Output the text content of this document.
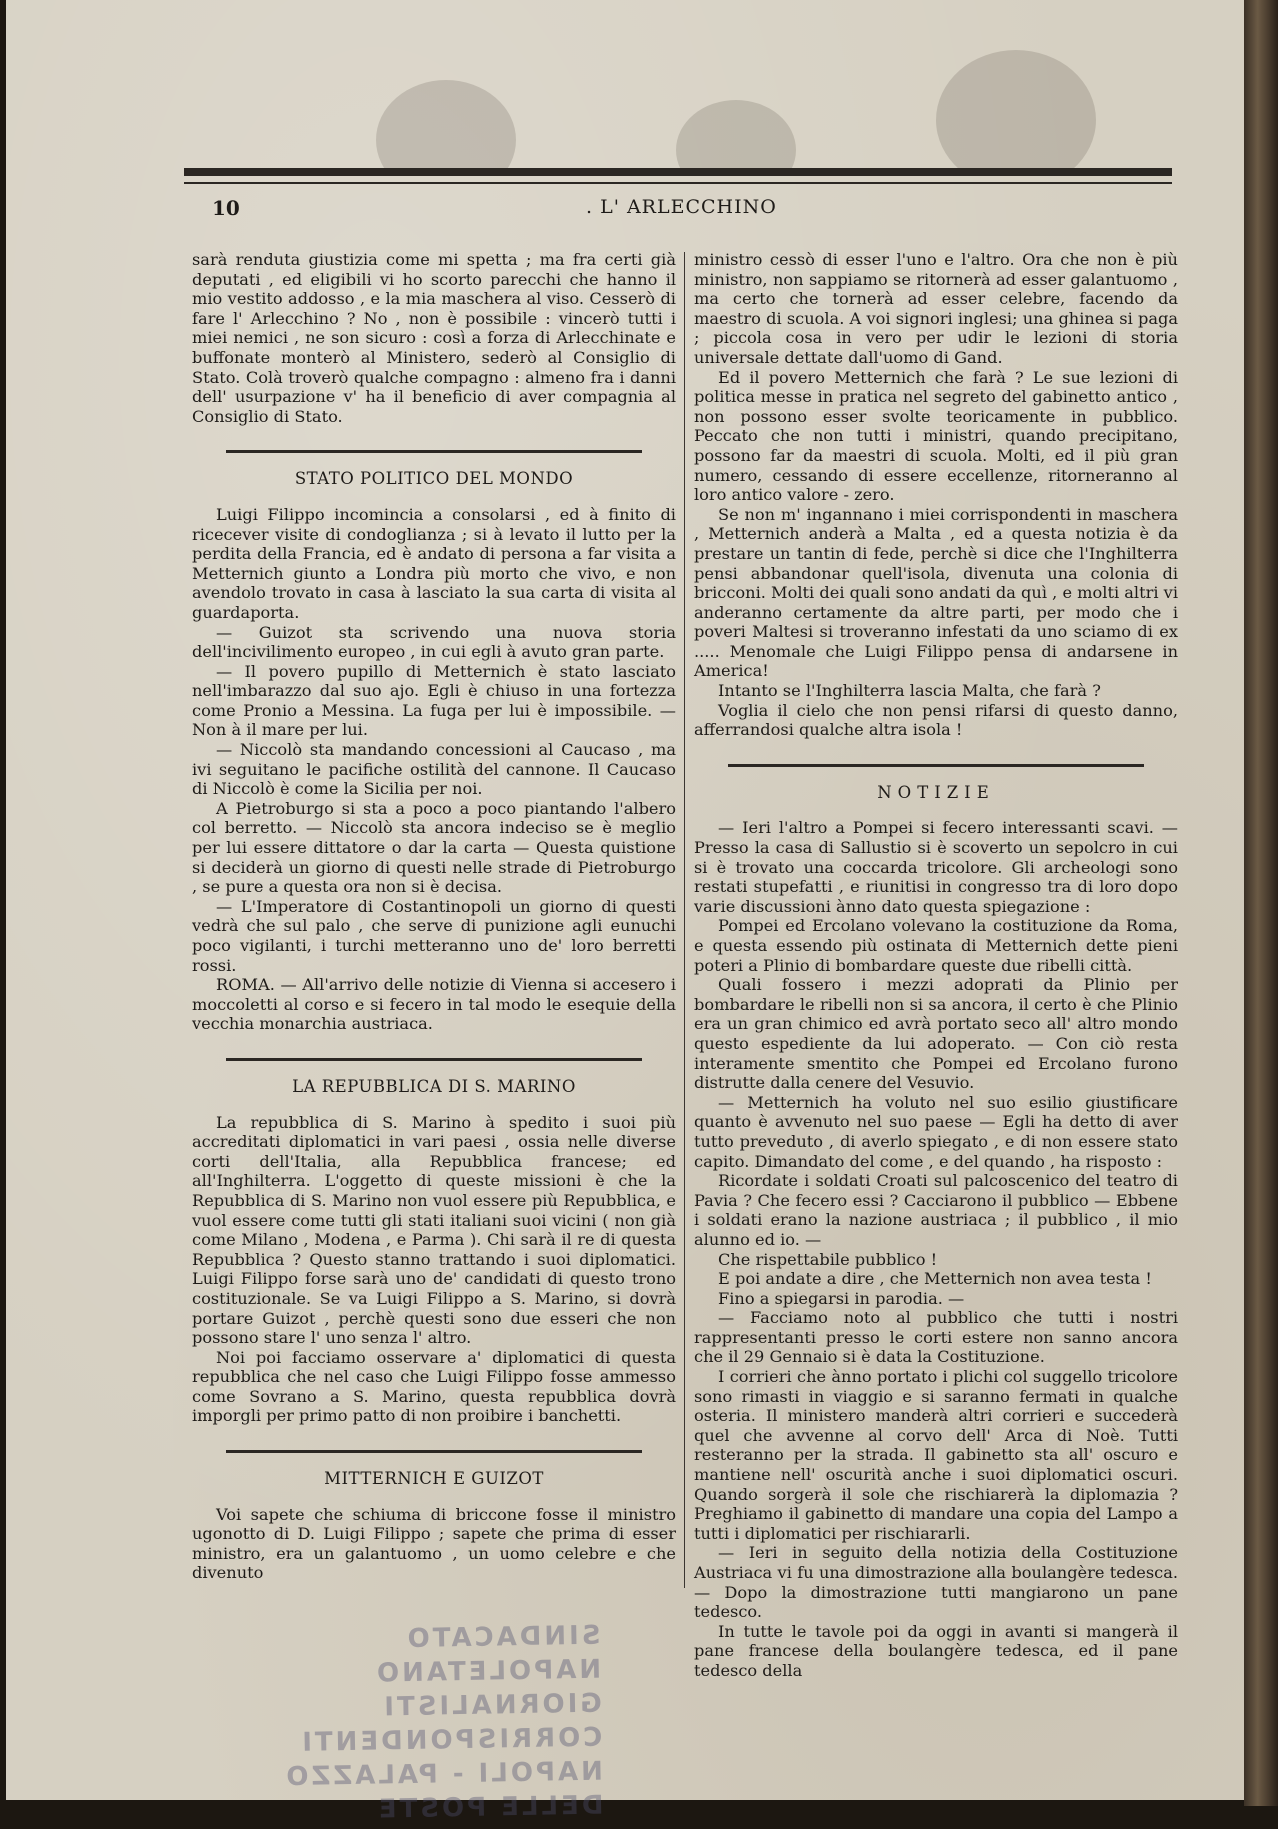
10	. L' ARLECCHINO

sarà renduta giustizia come mi spetta ; ma fra certi già deputati , ed eligibili vi ho scorto parecchi che hanno il mio vestito addosso , e la mia maschera al viso. Cesserò di fare l' Arlecchino ? No , non è possibile : vincerò tutti i miei nemici , ne son sicuro : così a forza di Arlecchinate e buffonate monterò al Ministero, sederò al Consiglio di Stato. Colà troverò qualche compagno : almeno fra i danni dell' usurpazione v' ha il beneficio di aver compagnia al Consiglio di Stato.

STATO POLITICO DEL MONDO

Luigi Filippo incomincia a consolarsi , ed à finito di ricecever visite di condoglianza ; si à levato il lutto per la perdita della Francia, ed è andato di persona a far visita a Metternich giunto a Londra più morto che vivo, e non avendolo trovato in casa à lasciato la sua carta di visita al guardaporta.

— Guizot sta scrivendo una nuova storia dell'incivilimento europeo , in cui egli à avuto gran parte.

— Il povero pupillo di Metternich è stato lasciato nell'imbarazzo dal suo ajo. Egli è chiuso in una fortezza come Pronio a Messina. La fuga per lui è impossibile. — Non à il mare per lui.

— Niccolò sta mandando concessioni al Caucaso , ma ivi seguitano le pacifiche ostilità del cannone. Il Caucaso di Niccolò è come la Sicilia per noi.

A Pietroburgo si sta a poco a poco piantando l'albero col berretto. — Niccolò sta ancora indeciso se è meglio per lui essere dittatore o dar la carta — Questa quistione si deciderà un giorno di questi nelle strade di Pietroburgo , se pure a questa ora non si è decisa.

— L'Imperatore di Costantinopoli un giorno di questi vedrà che sul palo , che serve di punizione agli eunuchi poco vigilanti, i turchi metteranno uno de' loro berretti rossi.

ROMA. — All'arrivo delle notizie di Vienna si accesero i moccoletti al corso e si fecero in tal modo le esequie della vecchia monarchia austriaca.

LA REPUBBLICA DI S. MARINO

La repubblica di S. Marino à spedito i suoi più accreditati diplomatici in vari paesi , ossia nelle diverse corti dell'Italia, alla Repubblica francese; ed all'Inghilterra. L'oggetto di queste missioni è che la Repubblica di S. Marino non vuol essere più Repubblica, e vuol essere come tutti gli stati italiani suoi vicini ( non già come Milano , Modena , e Parma ). Chi sarà il re di questa Repubblica ? Questo stanno trattando i suoi diplomatici. Luigi Filippo forse sarà uno de' candidati di questo trono costituzionale. Se va Luigi Filippo a S. Marino, si dovrà portare Guizot , perchè questi sono due esseri che non possono stare l' uno senza l' altro.

Noi poi facciamo osservare a' diplomatici di questa repubblica che nel caso che Luigi Filippo fosse ammesso come Sovrano a S. Marino, questa repubblica dovrà imporgli per primo patto di non proibire i banchetti.

MITTERNICH E GUIZOT

Voi sapete che schiuma di briccone fosse il ministro ugonotto di D. Luigi Filippo ; sapete che prima di esser ministro, era un galantuomo , un uomo celebre e che divenuto

ministro cessò di esser l'uno e l'altro. Ora che non è più ministro, non sappiamo se ritornerà ad esser galantuomo , ma certo che tornerà ad esser celebre, facendo da maestro di scuola. A voi signori inglesi; una ghinea si paga ; piccola cosa in vero per udir le lezioni di storia universale dettate dall'uomo di Gand.

Ed il povero Metternich che farà ? Le sue lezioni di politica messe in pratica nel segreto del gabinetto antico , non possono esser svolte teoricamente in pubblico. Peccato che non tutti i ministri, quando precipitano, possono far da maestri di scuola. Molti, ed il più gran numero, cessando di essere eccellenze, ritorneranno al loro antico valore - zero.

Se non m' ingannano i miei corrispondenti in maschera , Metternich anderà a Malta , ed a questa notizia è da prestare un tantin di fede, perchè si dice che l'Inghilterra pensi abbandonar quell'isola, divenuta una colonia di bricconi. Molti dei quali sono andati da quì , e molti altri vi anderanno certamente da altre parti, per modo che i poveri Maltesi si troveranno infestati da uno sciamo di ex ..... Menomale che Luigi Filippo pensa di andarsene in America!

Intanto se l'Inghilterra lascia Malta, che farà ?

Voglia il cielo che non pensi rifarsi di questo danno, afferrandosi qualche altra isola !

NOTIZIE

— Ieri l'altro a Pompei si fecero interessanti scavi. — Presso la casa di Sallustio si è scoverto un sepolcro in cui si è trovato una coccarda tricolore. Gli archeologi sono restati stupefatti , e riunitisi in congresso tra di loro dopo varie discussioni ànno dato questa spiegazione :

Pompei ed Ercolano volevano la costituzione da Roma, e questa essendo più ostinata di Metternich dette pieni poteri a Plinio di bombardare queste due ribelli città.

Quali fossero i mezzi adoprati da Plinio per bombardare le ribelli non si sa ancora, il certo è che Plinio era un gran chimico ed avrà portato seco all' altro mondo questo espediente da lui adoperato. — Con ciò resta interamente smentito che Pompei ed Ercolano furono distrutte dalla cenere del Vesuvio.

— Metternich ha voluto nel suo esilio giustificare quanto è avvenuto nel suo paese — Egli ha detto di aver tutto preveduto , di averlo spiegato , e di non essere stato capito. Dimandato del come , e del quando , ha risposto :

Ricordate i soldati Croati sul palcoscenico del teatro di Pavia ? Che fecero essi ? Cacciarono il pubblico — Ebbene i soldati erano la nazione austriaca ; il pubblico , il mio alunno ed io. —

Che rispettabile pubblico !

E poi andate a dire , che Metternich non avea testa !

Fino a spiegarsi in parodia. —

— Facciamo noto al pubblico che tutti i nostri rappresentanti presso le corti estere non sanno ancora che il 29 Gennaio si è data la Costituzione.

I corrieri che ànno portato i plichi col suggello tricolore sono rimasti in viaggio e si saranno fermati in qualche osteria. Il ministero manderà altri corrieri e succederà quel che avvenne al corvo dell' Arca di Noè. Tutti resteranno per la strada. Il gabinetto sta all' oscuro e mantiene nell' oscurità anche i suoi diplomatici oscuri. Quando sorgerà il sole che rischiarerà la diplomazia ? Preghiamo il gabinetto di mandare una copia del Lampo a tutti i diplomatici per rischiararli.

— Ieri in seguito della notizia della Costituzione Austriaca vi fu una dimostrazione alla boulangère tedesca. — Dopo la dimostrazione tutti mangiarono un pane tedesco.

In tutte le tavole poi da oggi in avanti si mangerà il pane francese della boulangère tedesca, ed il pane tedesco della

SINDACATO NAPOLETANO
GIORNALISTI CORRISPONDENTI
NAPOLI - PALAZZO DELLE POSTE
